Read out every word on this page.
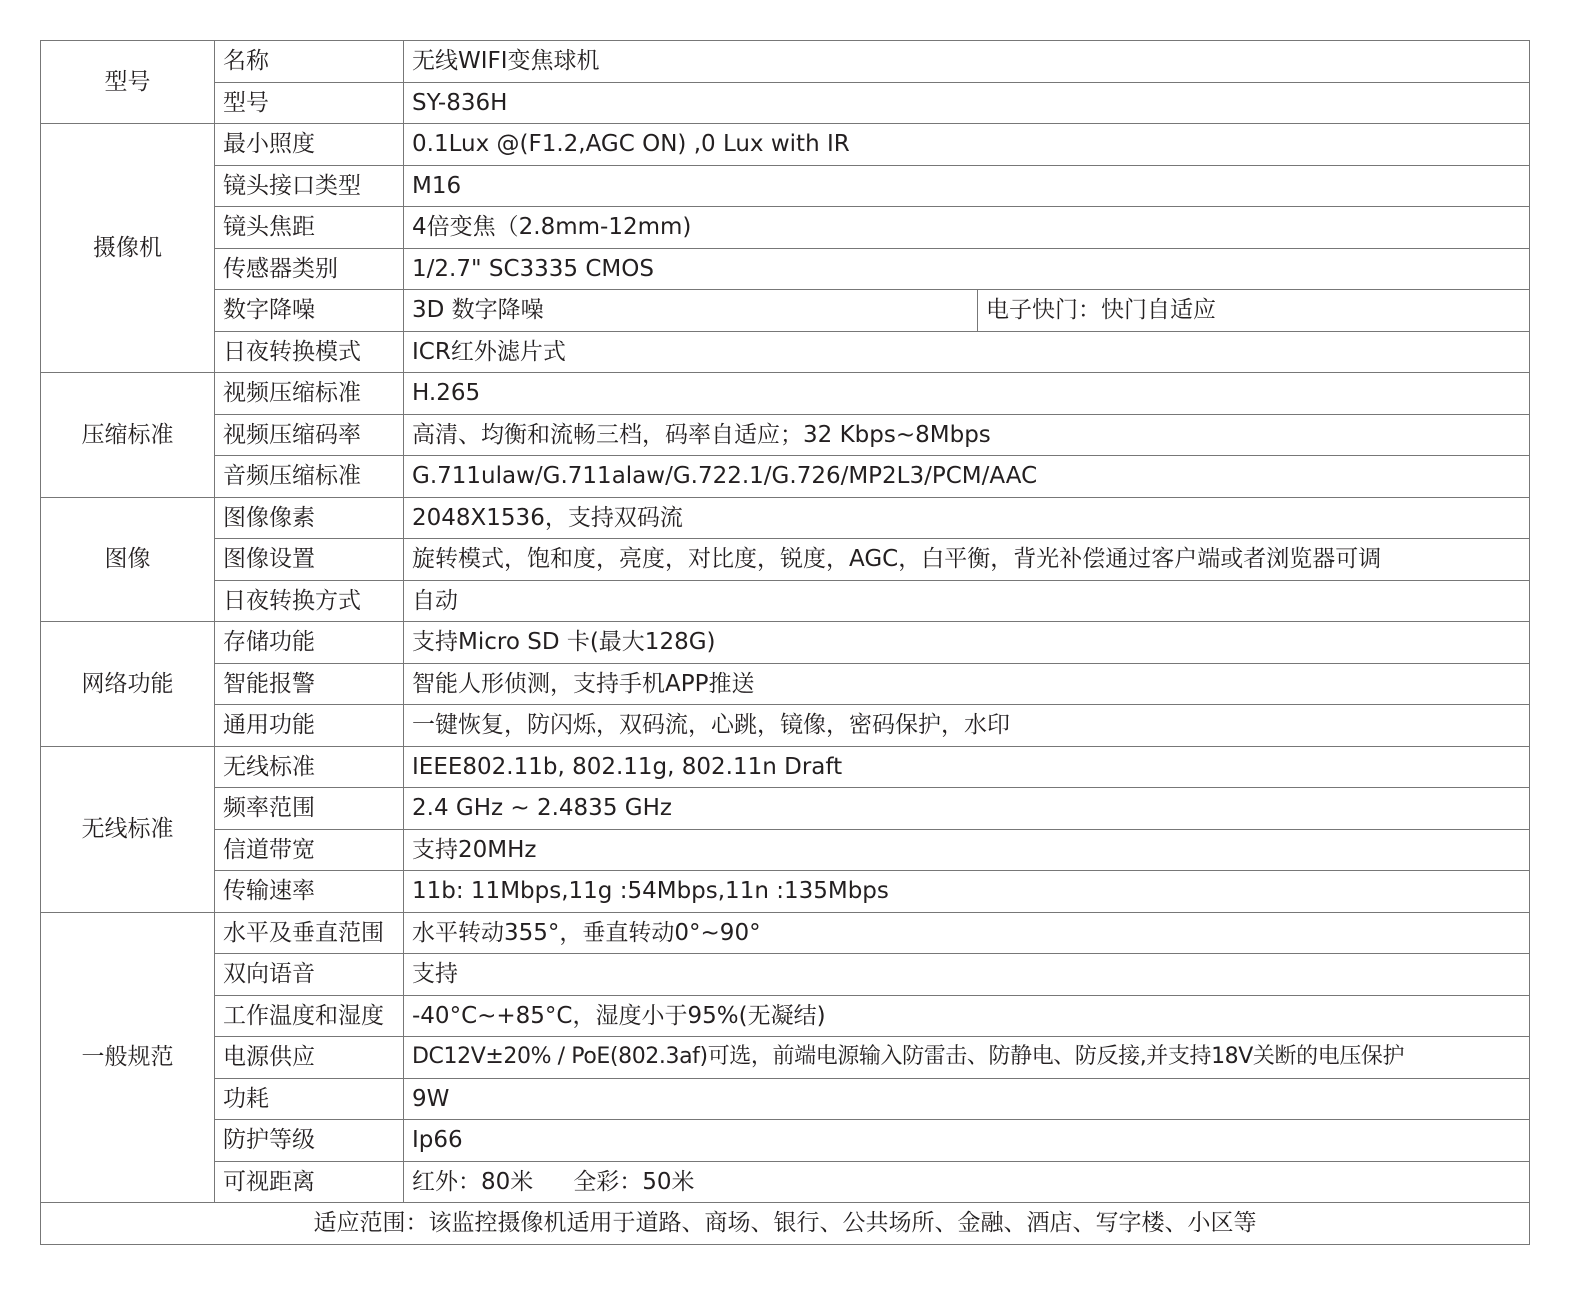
型号	名称	无线WIFI变焦球机	
	型号	SY-836H	
摄像机	最小照度	0.1Lux @(F1.2,AGC ON) ,0 Lux with IR	
	镜头接口类型	M16	
	镜头焦距	4倍变焦（2.8mm-12mm)	
	传感器类别	1/2.7" SC3335 CMOS	
	数字降噪	3D 数字降噪	电子快门：快门自适应
	日夜转换模式	ICR红外滤片式	
压缩标准	视频压缩标准	H.265	
	视频压缩码率	高清、均衡和流畅三档，码率自适应；32 Kbps~8Mbps	
	音频压缩标准	G.711ulaw/G.711alaw/G.722.1/G.726/MP2L3/PCM/AAC	
图像	图像像素	2048X1536，支持双码流	
	图像设置	旋转模式，饱和度，亮度，对比度，锐度，AGC，白平衡，背光补偿通过客户端或者浏览器可调	
	日夜转换方式	自动	
网络功能	存储功能	支持Micro SD 卡(最大128G)	
	智能报警	智能人形侦测，支持手机APP推送	
	通用功能	一键恢复，防闪烁，双码流，心跳，镜像，密码保护，水印	
无线标准	无线标准	IEEE802.11b, 802.11g, 802.11n Draft	
	频率范围	2.4 GHz ~ 2.4835 GHz	
	信道带宽	支持20MHz	
	传输速率	11b: 11Mbps,11g :54Mbps,11n :135Mbps	
一般规范	水平及垂直范围	水平转动355°，垂直转动0°~90°	
	双向语音	支持	
	工作温度和湿度	-40°C~+85°C，湿度小于95%(无凝结)	
	电源供应	DC12V±20% / PoE(802.3af)可选，前端电源输入防雷击、防静电、防反接,并支持18V关断的电压保护	
	功耗	9W	
	防护等级	Ip66	
	可视距离	红外：80米 全彩：50米	
适应范围：该监控摄像机适用于道路、商场、银行、公共场所、金融、酒店、写字楼、小区等			
